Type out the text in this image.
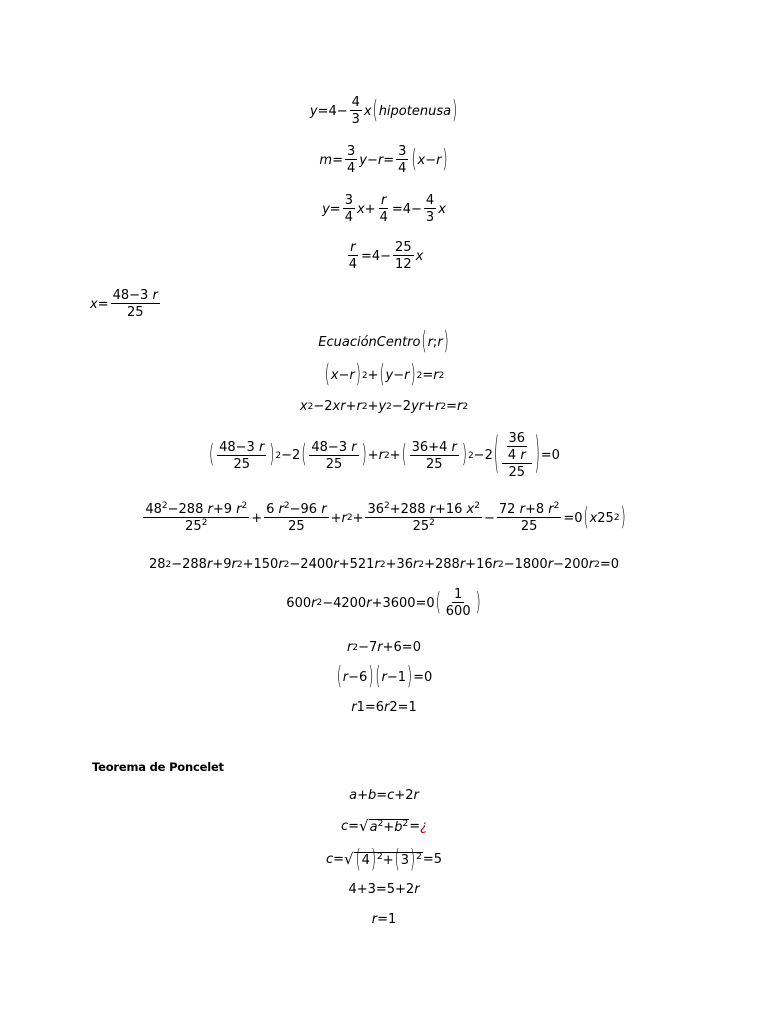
$y =4- \frac{4}{3}$ x ( hipotenusa )
$m = \frac{3}{4}$ $y - r = \frac{3}{4}$ ( x − r )
$y = \frac{3}{4}$ $x + \frac{r}{4} =4- \frac{4}{3}$ x
$\frac{r}{4} =4- \frac{25}{12}$ x
$x = \frac{48-3 r}{25}$
EcuaciónCentro ( r ; r )
( x − r ) 2 + ( y − r ) 2 = r 2
x 2 −2 xr + r 2 + y 2 −2 yr + r 2 = r 2
( $\frac{48-3 r}{25}$ ) 2 −2 ( $\frac{48-3 r}{25}$ ) + r 2 + ( $\frac{36+4 r}{25}$ ) 2 −2 ( $\frac{\frac{36}{4 r}}{25}$ ) =0
$\frac{48^2-288 r+9 r^2}{25^2} + \frac{6 r^2-96 r}{25} + r$ $2 + \frac{36^2+288 r+16 x^2}{25^2} - \frac{72 r+8 r^2}{25} =0$ ( x 25 2 )
28 2 −288 r +9 r 2 +150 r 2 −2400 r +521 r 2 +36 r 2 +288 r +16 r 2 −1800 r −200 r 2 =0
600 r 2 −4200 r +3600=0 ( $\frac{1}{600}$ )
r 2 −7 r +6=0
( r −6 ) ( r −1 ) =0
r 1=6 r 2=1
Teorema de Poncelet
a + b = c +2 r
c = √ $a^2+b^2$ = ¿
c = √ $(4)^2+(3)^2 =5$
4+3=5+2 r
r =1
